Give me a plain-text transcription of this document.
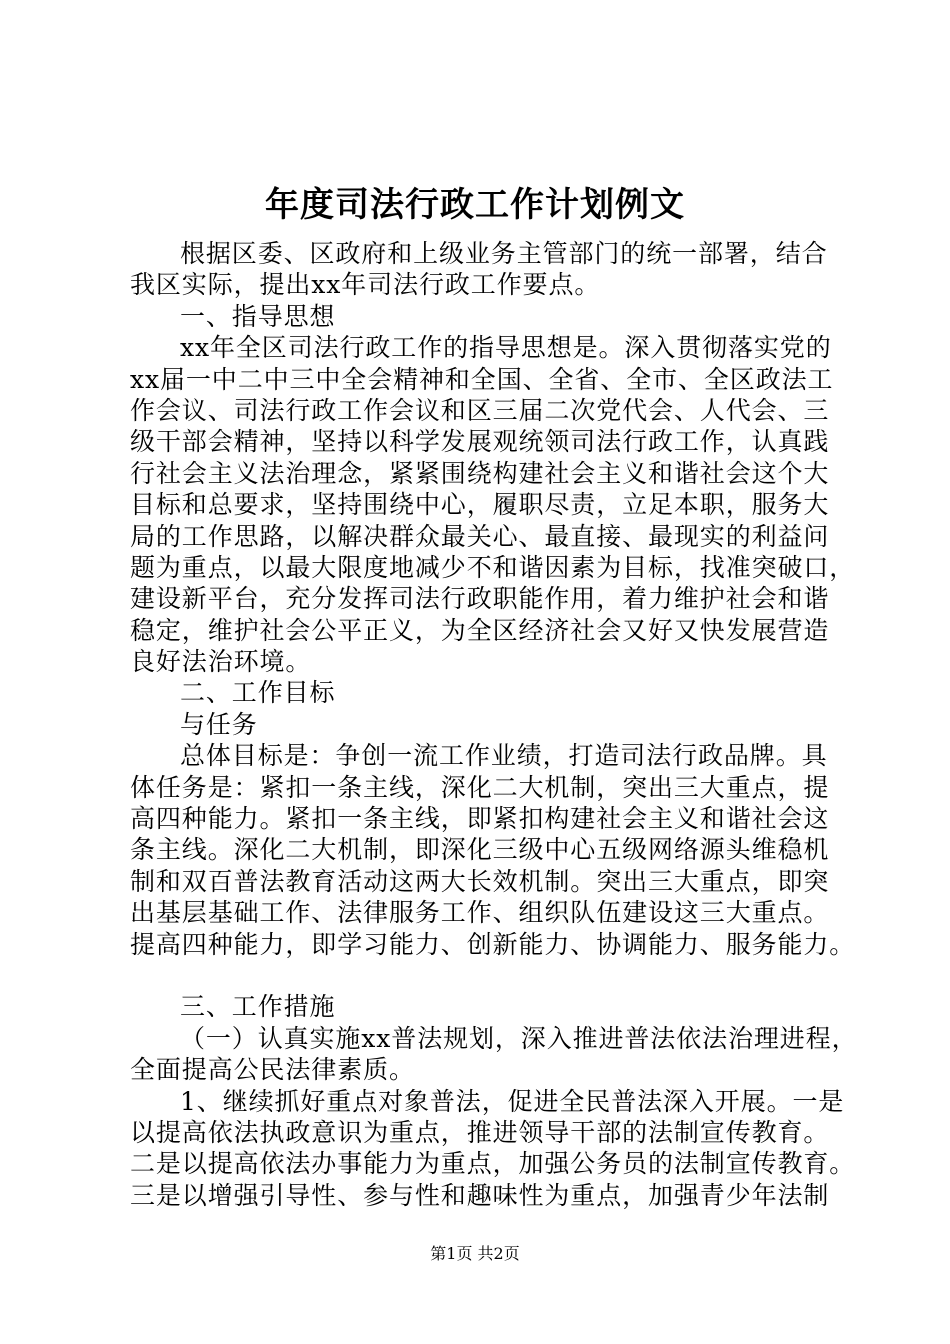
年度司法行政工作计划例文
根据区委、区政府和上级业务主管部门的统一部署，结合
我区实际，提出xx年司法行政工作要点。
一、指导思想
xx年全区司法行政工作的指导思想是。深入贯彻落实党的
xx届一中二中三中全会精神和全国、全省、全市、全区政法工
作会议、司法行政工作会议和区三届二次党代会、人代会、三
级干部会精神，坚持以科学发展观统领司法行政工作，认真践
行社会主义法治理念，紧紧围绕构建社会主义和谐社会这个大
目标和总要求，坚持围绕中心，履职尽责，立足本职，服务大
局的工作思路，以解决群众最关心、最直接、最现实的利益问
题为重点，以最大限度地减少不和谐因素为目标，找准突破口，
建设新平台，充分发挥司法行政职能作用，着力维护社会和谐
稳定，维护社会公平正义，为全区经济社会又好又快发展营造
良好法治环境。
二、工作目标
与任务
总体目标是：争创一流工作业绩，打造司法行政品牌。具
体任务是：紧扣一条主线，深化二大机制，突出三大重点，提
高四种能力。紧扣一条主线，即紧扣构建社会主义和谐社会这
条主线。深化二大机制，即深化三级中心五级网络源头维稳机
制和双百普法教育活动这两大长效机制。突出三大重点，即突
出基层基础工作、法律服务工作、组织队伍建设这三大重点。
提高四种能力，即学习能力、创新能力、协调能力、服务能力。
三、工作措施
（一）认真实施xx普法规划，深入推进普法依法治理进程，
全面提高公民法律素质。
1、继续抓好重点对象普法，促进全民普法深入开展。一是
以提高依法执政意识为重点，推进领导干部的法制宣传教育。
二是以提高依法办事能力为重点，加强公务员的法制宣传教育。
三是以增强引导性、参与性和趣味性为重点，加强青少年法制
第1页 共2页
